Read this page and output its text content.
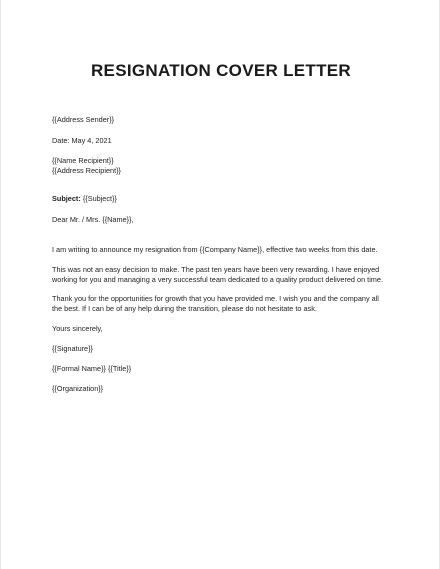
RESIGNATION COVER LETTER
{{Address Sender}}
Date: May 4, 2021
{{Name Recipient}}
{{Address Recipient}}
Subject: {{Subject}}
Dear Mr. / Mrs. {{Name}},
I am writing to announce my resignation from {{Company Name}}, effective two weeks from this date.
This was not an easy decision to make. The past ten years have been very rewarding. I have enjoyed
working for you and managing a very successful team dedicated to a quality product delivered on time.
Thank you for the opportunities for growth that you have provided me. I wish you and the company all
the best. If I can be of any help during the transition, please do not hesitate to ask.
Yours sincerely,
{{Signature}}
{{Formal Name}} {{Title}}
{{Organization}}
